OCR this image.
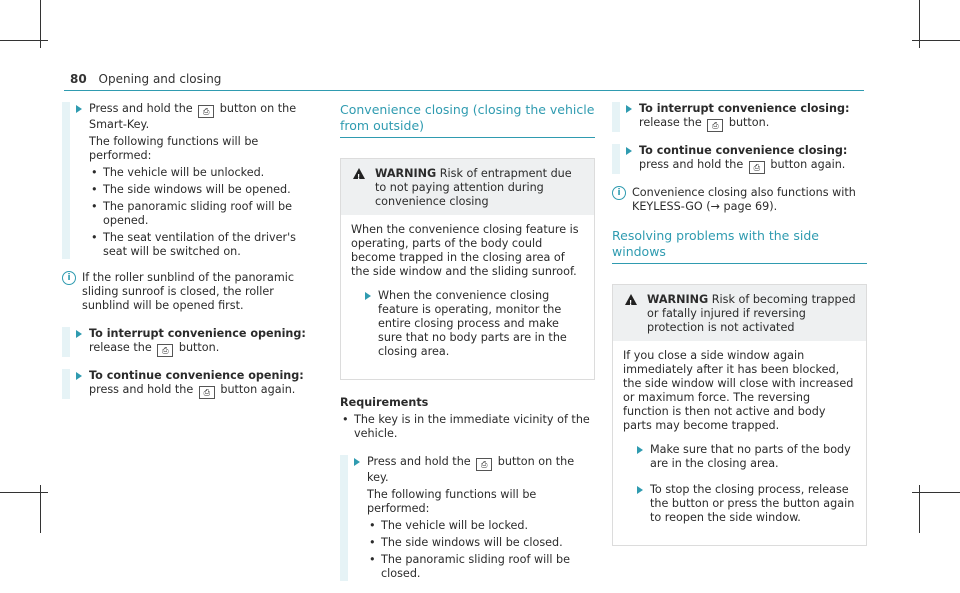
80 Opening and closing
Press and hold the ⎙ button on the Smart-Key.
The following functions will be performed:
• The vehicle will be unlocked.
• The side windows will be opened.
• The panoramic sliding roof will be opened.
• The seat ventilation of the driver's seat will be switched on.
i	If the roller sunblind of the panoramic sliding sunroof is closed, the roller sunblind will be opened first.
To interrupt convenience opening: release the ⎙ button.
To continue convenience opening: press and hold the ⎙ button again.
Convenience closing (closing the vehicle from outside)
!
WARNING Risk of entrapment due to not paying attention during convenience closing
When the convenience closing feature is operating, parts of the body could become trapped in the closing area of the side window and the sliding sunroof.
When the convenience closing feature is operating, monitor the entire closing process and make sure that no body parts are in the closing area.
Requirements
• The key is in the immediate vicinity of the vehicle.
Press and hold the ⎙ button on the key.
The following functions will be performed:
• The vehicle will be locked.
• The side windows will be closed.
• The panoramic sliding roof will be closed.
To interrupt convenience closing: release the ⎙ button.
To continue convenience closing: press and hold the ⎙ button again.
i	Convenience closing also functions with KEYLESS-GO (→ page 69).
Resolving problems with the side windows
!
WARNING Risk of becoming trapped or fatally injured if reversing protection is not activated
If you close a side window again immediately after it has been blocked, the side window will close with increased or maximum force. The reversing function is then not active and body parts may become trapped.
Make sure that no parts of the body are in the closing area.
To stop the closing process, release the button or press the button again to reopen the side window.
